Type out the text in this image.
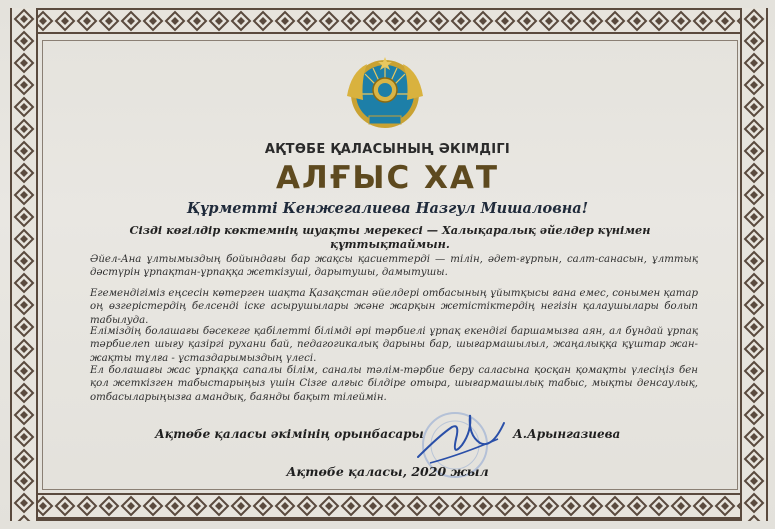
АҚТӨБЕ ҚАЛАСЫНЫҢ ӘКІМДІГІ
АЛҒЫС ХАТ
Құрметті Кенжегалиева Назгул Мишаловна!
Сізді көгілдір көктемнің шуақты мерекесі — Халықаралық әйелдер күнімен құттықтаймын.

Әйел-Ана ұлтымыздың бойындағы бар жақсы қасиеттерді — тілін, әдет-ғұрпын, салт-санасын, ұлттық дәстүрін ұрпақтан-ұрпаққа жеткізуші, дарытушы, дамытушы.

Егемендігіміз еңсесін көтерген шақта Қазақстан әйелдері отбасының ұйытқысы ғана емес, сонымен қатар оң өзгерістердің белсенді іске асырушылары және жарқын жетістіктердің негізін қалаушылары болып табылуда.

Еліміздің болашағы бәсекеге қабілетті білімді әрі тәрбиелі ұрпақ екендігі баршамызға аян, ал бұндай ұрпақ тәрбиелеп шығу қазіргі рухани бай, педагогикалық дарыны бар, шығармашылыл, жаңалыққа құштар жан-жақты тұлға - ұстаздарымыздың үлесі.

Ел болашағы жас ұрпаққа сапалы білім, саналы тәлім-тәрбие беру саласына қосқан қомақты үлесіңіз бен қол жеткізген табыстарыңыз үшін Сізге алғыс білдіре отыра, шығармашылық табыс, мықты денсаулық, отбасыларыңызға амандық, баянды бақыт тілеймін.

Ақтөбе қаласы әкімінің орынбасары	А.Арынгазиева
Ақтөбе қаласы, 2020 жыл
